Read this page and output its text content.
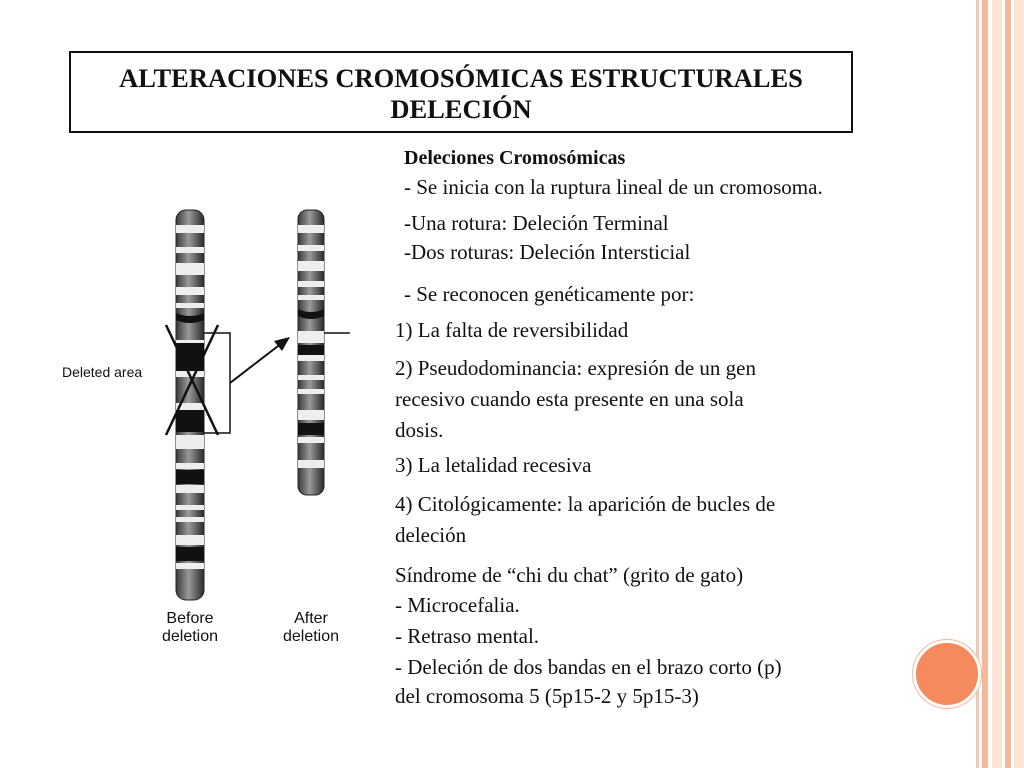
ALTERACIONES CROMOSÓMICAS ESTRUCTURALES
DELECIÓN
Deleciones Cromosómicas
- Se inicia con la ruptura lineal de un cromosoma.
-Una rotura: Deleción Terminal
-Dos roturas: Deleción Intersticial
- Se reconocen genéticamente por:
1) La falta de reversibilidad
2) Pseudodominancia: expresión de un gen
recesivo cuando esta presente en una sola
dosis.
3) La letalidad recesiva
4) Citológicamente: la aparición de bucles de
deleción
Síndrome de “chi du chat” (grito de gato)
- Microcefalia.
- Retraso mental.
- Deleción de dos bandas en el brazo corto (p)
del cromosoma 5 (5p15-2 y 5p15-3)
Deleted area
Before
deletion
After
deletion
